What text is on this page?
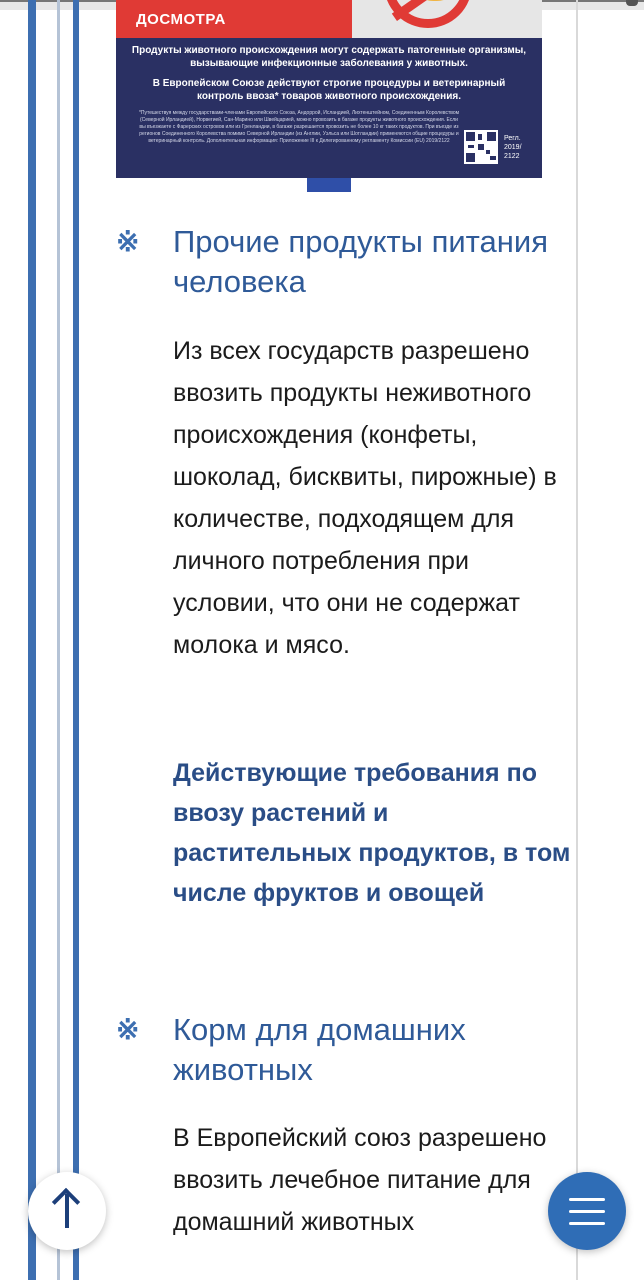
ДОСМОТРА
Продукты животного происхождения могут содержать патогенные организмы, вызывающие инфекционные заболевания у животных.
В Европейском Союзе действуют строгие процедуры и ветеринарный контроль ввоза* товаров животного происхождения.
*Путешествуя между государствами-членами Европейского Союза, Андоррой, Исландией, Лихтенштейном, Соединенным Королевством (Северной Ирландией), Норвегией, Сан-Марино или Швейцарией, можно провозить в багаже продукты животного происхождения. Если вы въезжаете с Фарерских островов или из Гренландии, в багаже разрешается провозить не более 10 кг таких продуктов. При въезде из регионов Соединенного Королевства помимо Северной Ирландии (из Англии, Уэльса или Шотландии) применяются общие процедуры и ветеринарный контроль. Дополнительная информация: Приложение III к Делегированному регламенту Комиссии (EU) 2019/2122	Регл. 2019/ 2122
※ Прочие продукты питания человека

Из всех государств разрешено ввозить продукты неживотного происхождения (конфеты, шоколад, бисквиты, пирожные) в количестве, подходящем для личного потребления при условии, что они не содержат молока и мясо.

Действующие требования по ввозу растений и растительных продуктов, в том числе фруктов и овощей
※ Корм для домашних животных

В Европейский союз разрешено ввозить лечебное питание для домашний животных
